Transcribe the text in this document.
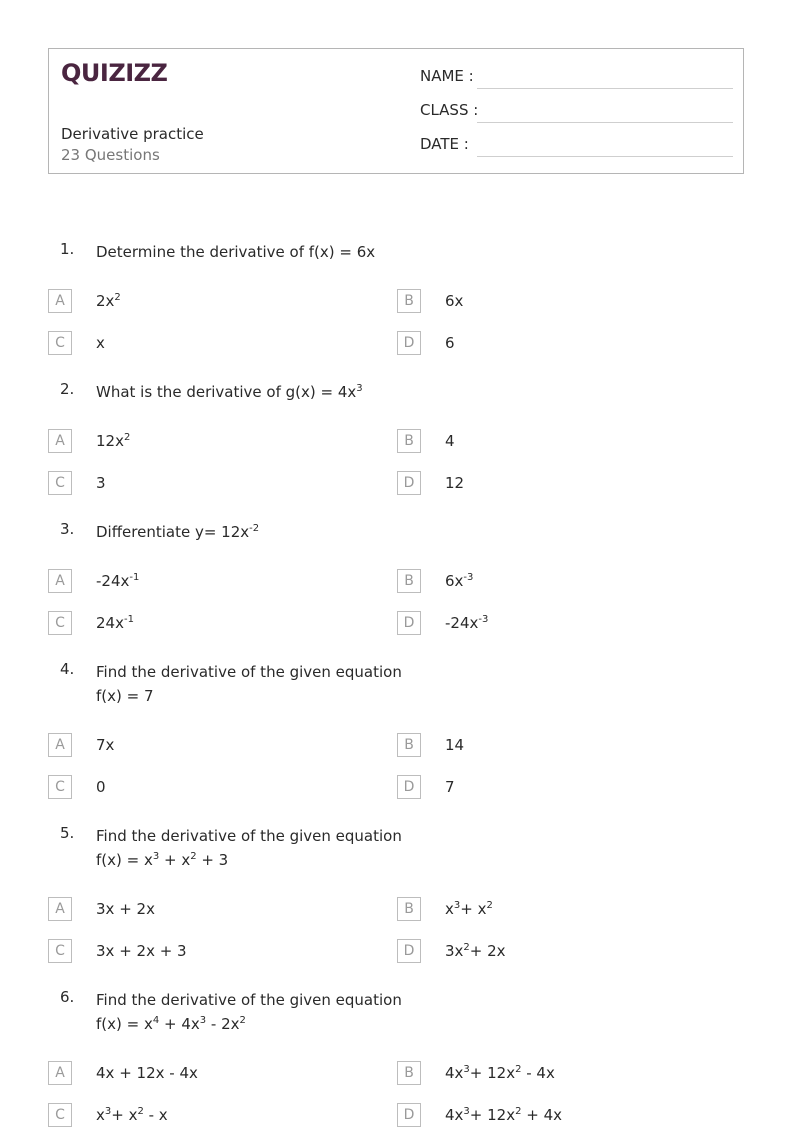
QUIZIZZ
Derivative practice
23 Questions
NAME :
CLASS :
DATE :
1. Determine the derivative of f(x) = 6x
A	$2x^2$	B	6x
C	x	D	6
2. What is the derivative of $g(x) = 4x^3$
A	$12x^2$	B	4
C	3	D	12
3. Differentiate $y= 12x^{-2}$
A	$-24x^{-1}$	B	$6x^{-3}$
C	$24x^{-1}$	D	$-24x^{-3}$
4. Find the derivative of the given equation
f(x) = 7
A	7x	B	14
C	0	D	7
5. Find the derivative of the given equation
$f(x) = x^3 + x^2 + 3$
A	3x + 2x	B	$x^3+ x^2$
C	3x + 2x + 3	D	$3x^2+ 2x$
6. Find the derivative of the given equation
$f(x) = x^4 + 4x^3 - 2x^2$
A	4x + 12x - 4x	B	$4x^3+ 12x^2 - 4x$
C	$x^3+ x^2 - x$	D	$4x^3+ 12x^2 + 4x$
